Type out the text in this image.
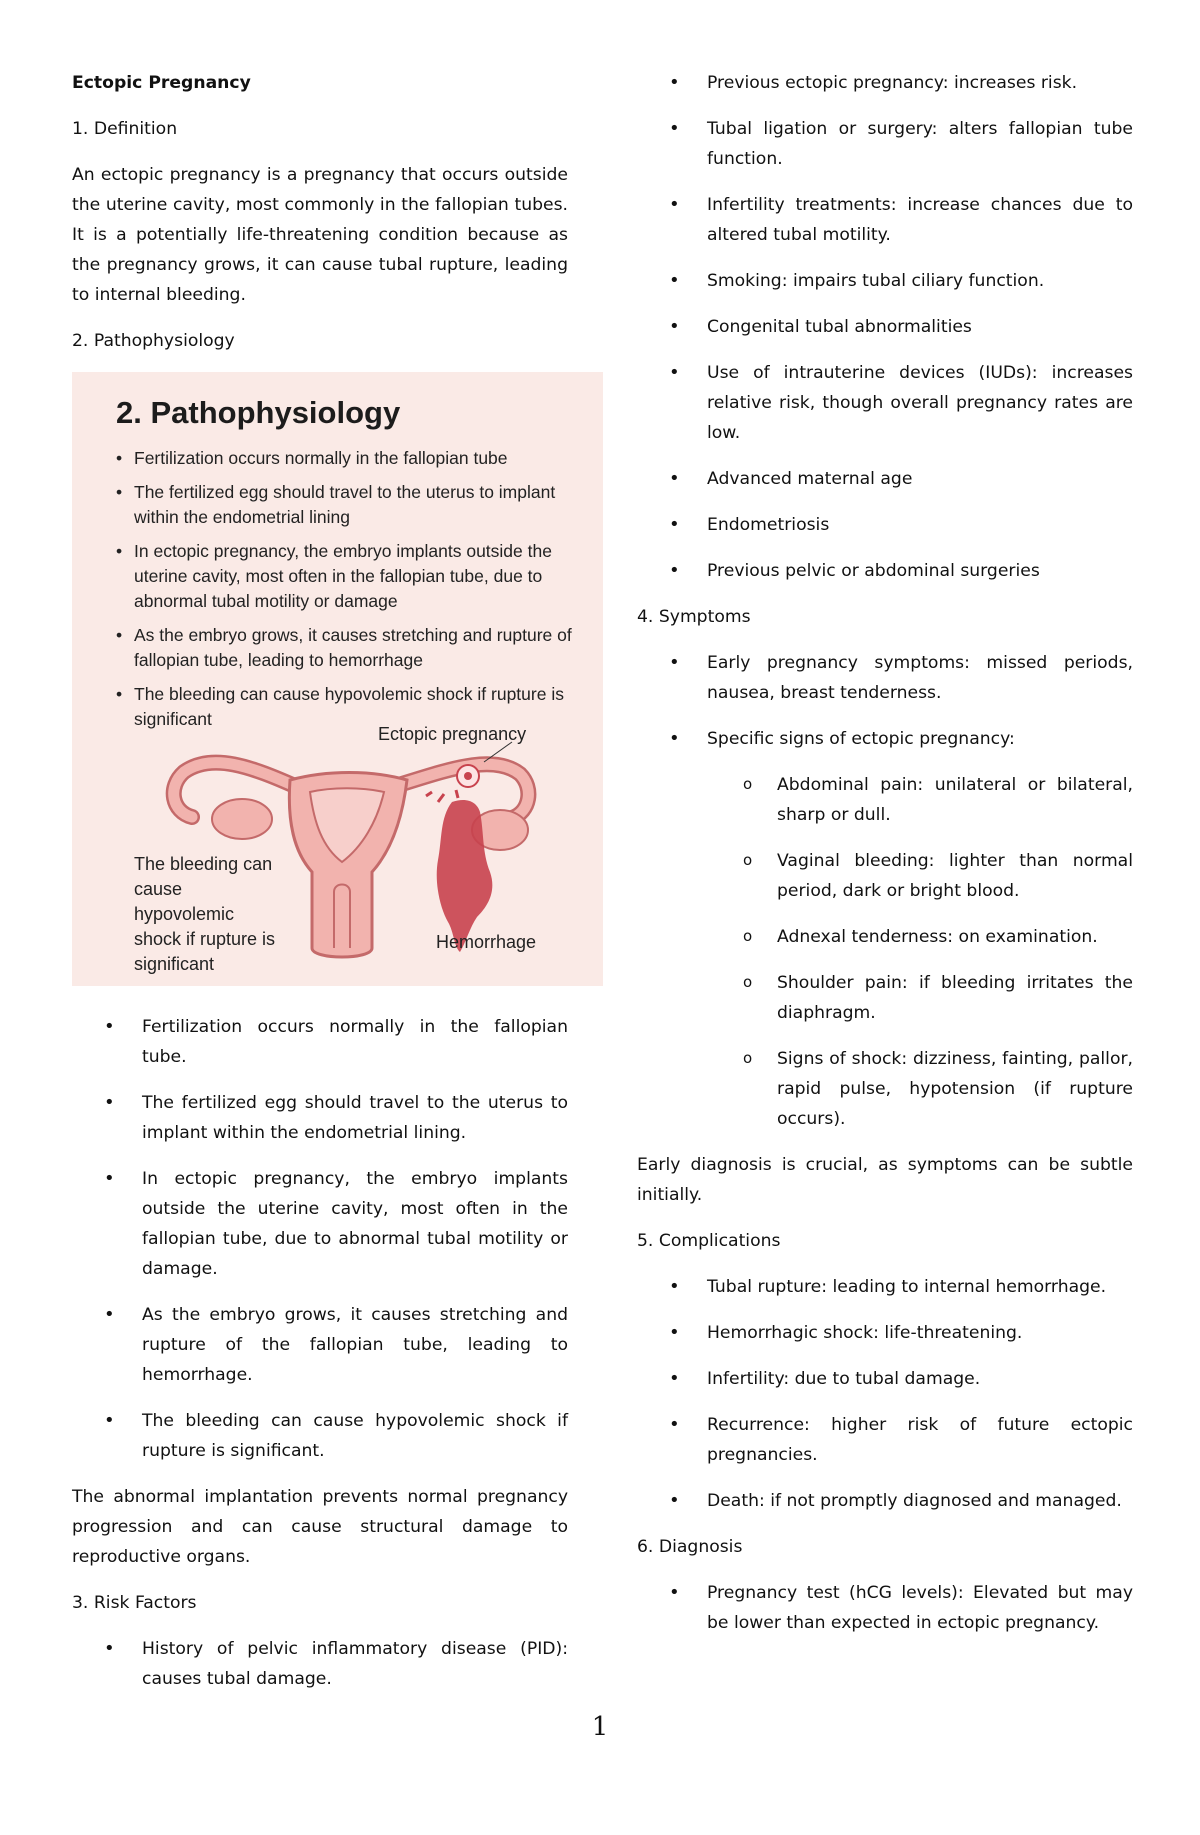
Ectopic Pregnancy

1. Definition

An ectopic pregnancy is a pregnancy that occurs outside the uterine cavity, most commonly in the fallopian tubes. It is a potentially life-threatening condition because as the pregnancy grows, it can cause tubal rupture, leading to internal bleeding.

2. Pathophysiology

2. Pathophysiology
• Fertilization occurs normally in the fallopian tube
• The fertilized egg should travel to the uterus to implant within the endometrial lining
• In ectopic pregnancy, the embryo implants outside the uterine cavity, most often in the fallopian tube, due to abnormal tubal motility or damage
• As the embryo grows, it causes stretching and rupture of fallopian tube, leading to hemorrhage
• The bleeding can cause hypovolemic shock if rupture is significant
Ectopic pregnancy
The bleeding can cause hypovolemic shock if rupture is significant
Hemorrhage
• Fertilization occurs normally in the fallopian tube.
• The fertilized egg should travel to the uterus to implant within the endometrial lining.
• In ectopic pregnancy, the embryo implants outside the uterine cavity, most often in the fallopian tube, due to abnormal tubal motility or damage.
• As the embryo grows, it causes stretching and rupture of the fallopian tube, leading to hemorrhage.
• The bleeding can cause hypovolemic shock if rupture is significant.

The abnormal implantation prevents normal pregnancy progression and can cause structural damage to reproductive organs.

3. Risk Factors

• History of pelvic inflammatory disease (PID): causes tubal damage.
• Previous ectopic pregnancy: increases risk.
• Tubal ligation or surgery: alters fallopian tube function.
• Infertility treatments: increase chances due to altered tubal motility.
• Smoking: impairs tubal ciliary function.
• Congenital tubal abnormalities
• Use of intrauterine devices (IUDs): increases relative risk, though overall pregnancy rates are low.
• Advanced maternal age
• Endometriosis
• Previous pelvic or abdominal surgeries

4. Symptoms

• Early pregnancy symptoms: missed periods, nausea, breast tenderness.
• Specific signs of ectopic pregnancy:
o Abdominal pain: unilateral or bilateral, sharp or dull.
o Vaginal bleeding: lighter than normal period, dark or bright blood.
o Adnexal tenderness: on examination.
o Shoulder pain: if bleeding irritates the diaphragm.
o Signs of shock: dizziness, fainting, pallor, rapid pulse, hypotension (if rupture occurs).

Early diagnosis is crucial, as symptoms can be subtle initially.

5. Complications

• Tubal rupture: leading to internal hemorrhage.
• Hemorrhagic shock: life-threatening.
• Infertility: due to tubal damage.
• Recurrence: higher risk of future ectopic pregnancies.
• Death: if not promptly diagnosed and managed.

6. Diagnosis

• Pregnancy test (hCG levels): Elevated but may be lower than expected in ectopic pregnancy.
1
